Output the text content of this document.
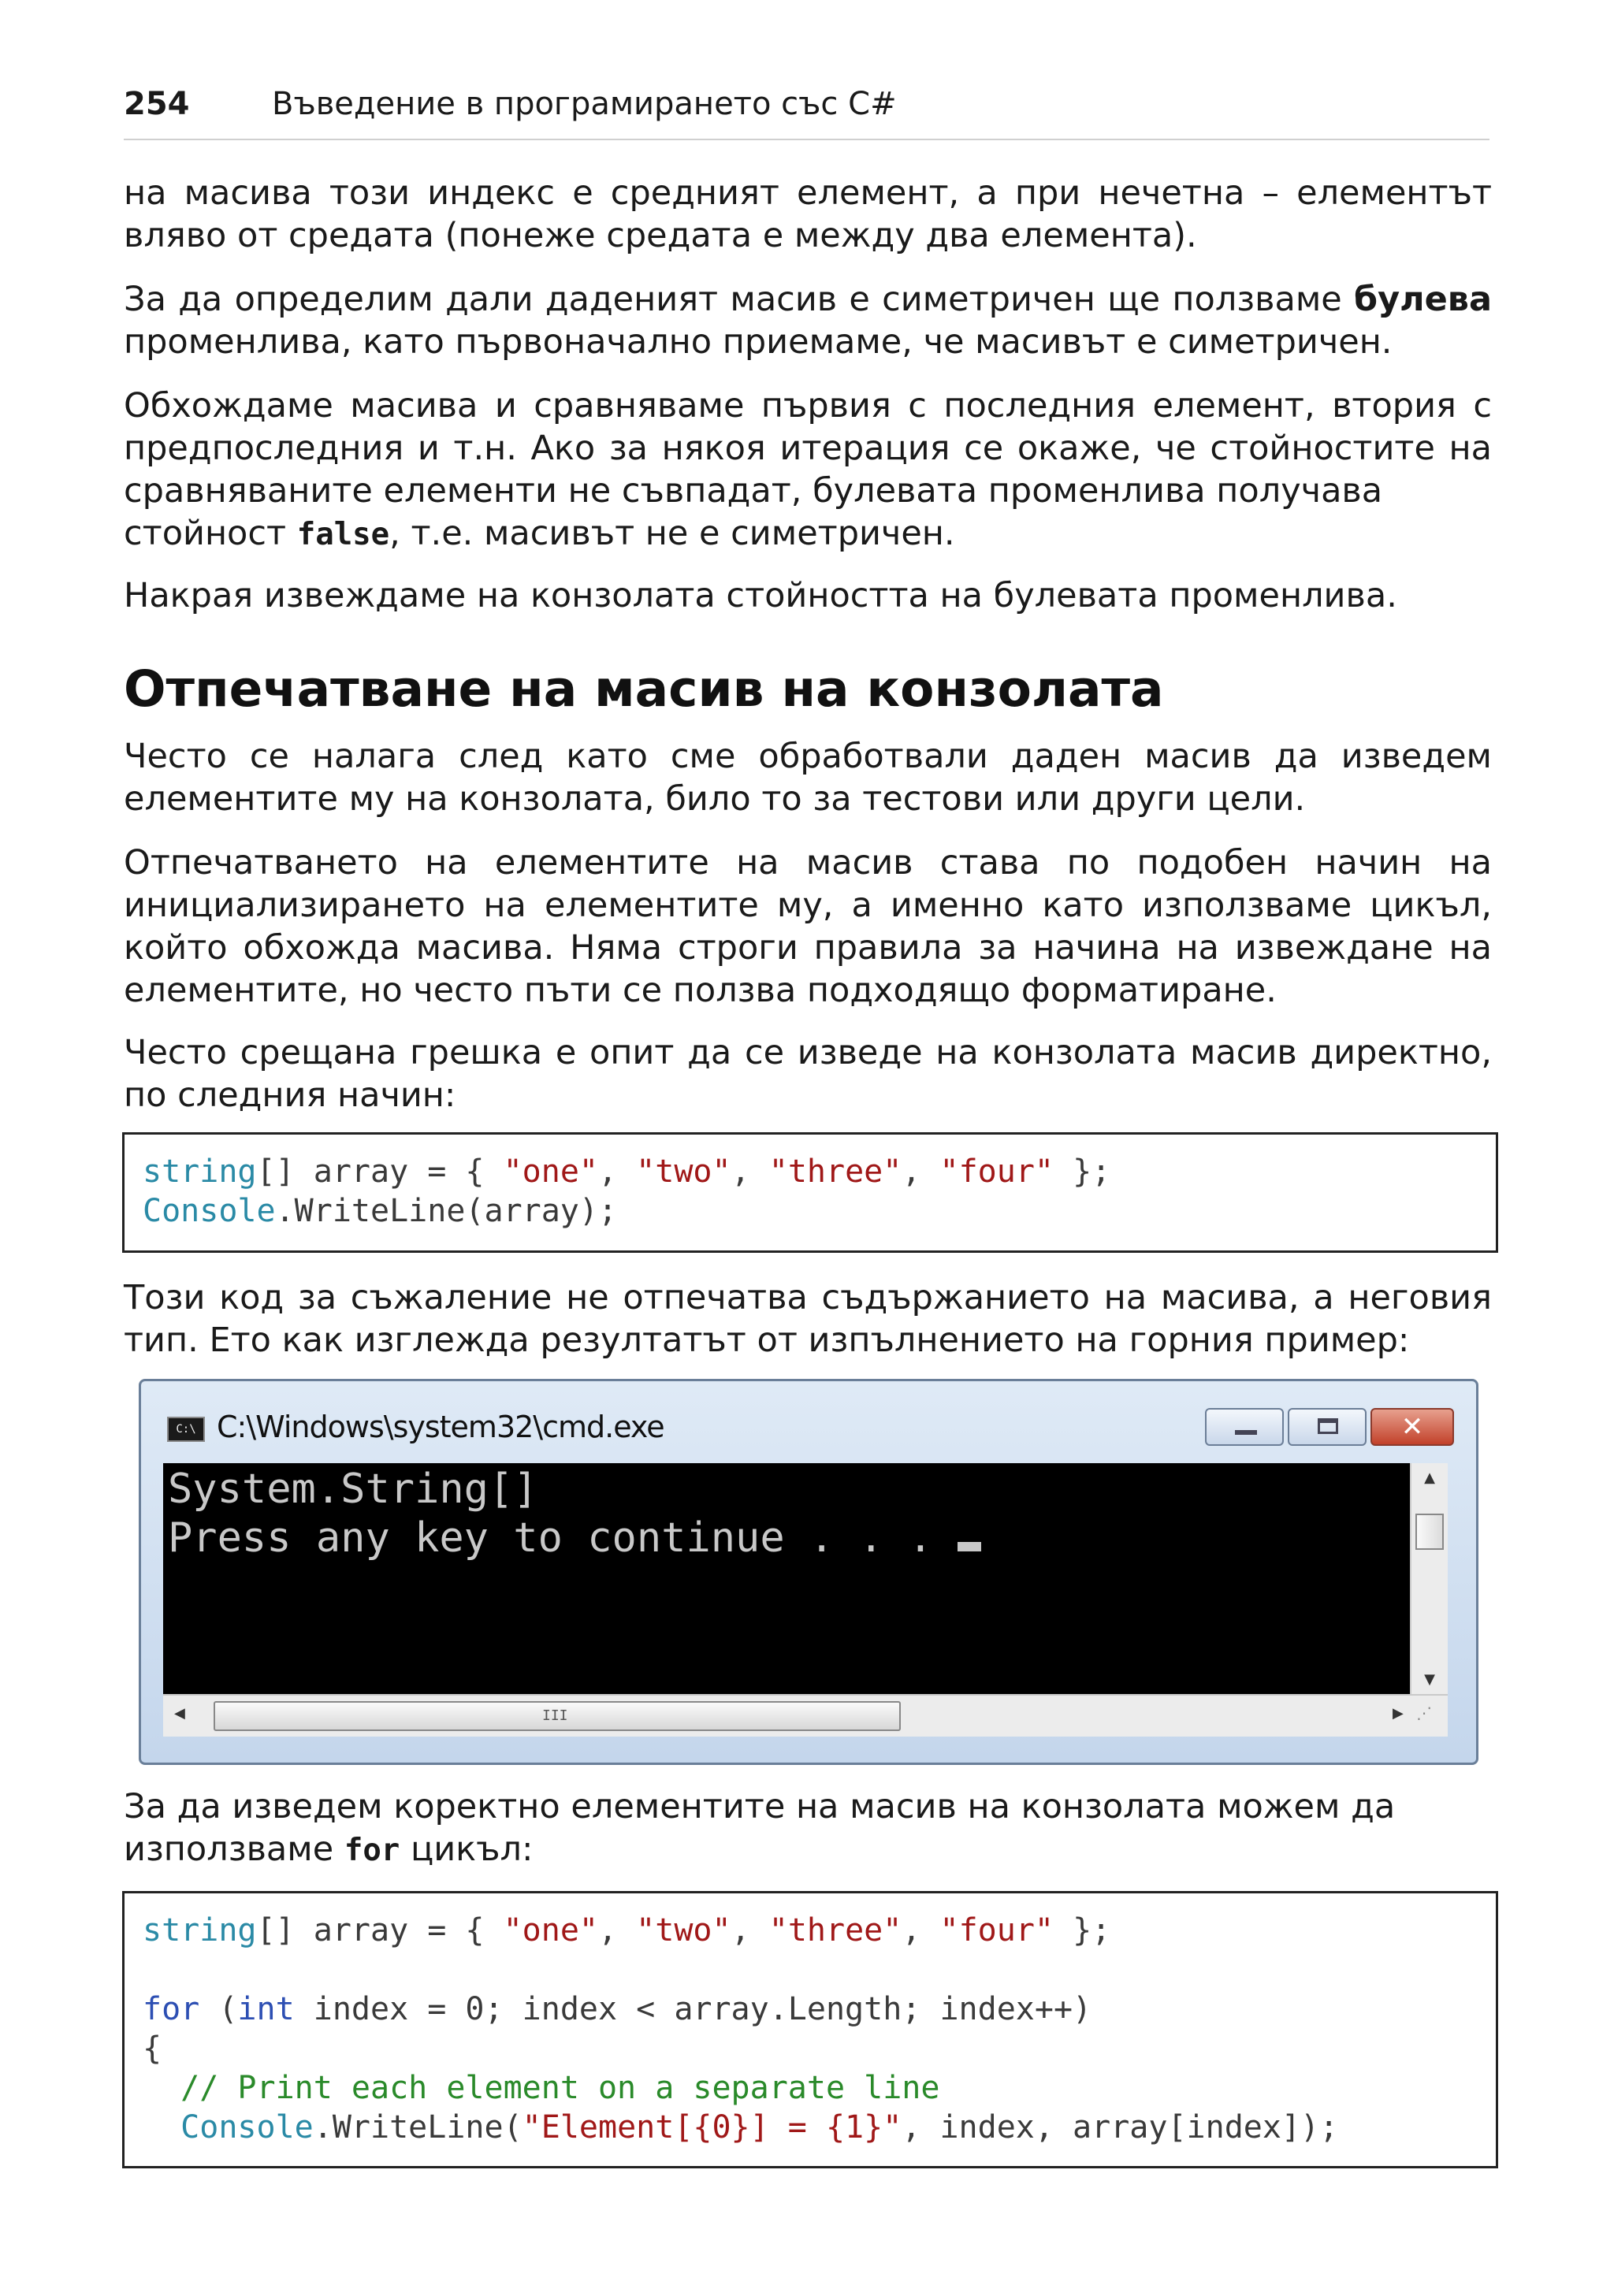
254	Въведение в програмирането със C#

на масива този индекс е средният елемент, а при нечетна – елементът вляво от средата (понеже средата е между два елемента).

За да определим дали даденият масив е симетричен ще ползваме булева променлива, като първоначално приемаме, че масивът е симетричен.

Обхождаме масива и сравняваме първия с последния елемент, втория с предпоследния и т.н. Ако за някоя итерация се окаже, че стойностите на сравняваните елементи не съвпадат, булевата променлива получава
стойност false, т.е. масивът не е симетричен.

Накрая извеждаме на конзолата стойността на булевата променлива.

Отпечатване на масив на конзолата

Често се налага след като сме обработвали даден масив да изведем елементите му на конзолата, било то за тестови или други цели.

Отпечатването на елементите на масив става по подобен начин на инициализирането на елементите му, а именно като използваме цикъл, който обхожда масива. Няма строги правила за начина на извеждане на елементите, но често пъти се ползва подходящо форматиране.

Често срещана грешка е опит да се изведе на конзолата масив директно, по следния начин:

string[] array = { "one", "two", "three", "four" };
Console.WriteLine(array);

Този код за съжаление не отпечатва съдържанието на масива, а неговия тип. Ето как изглежда резултатът от изпълнението на горния пример:

C:\ C:\Windows\system32\cmd.exe	✕
System.String[]
Press any key to continue . . .
▲
▼
◀	III	▶ ⋰

За да изведем коректно елементите на масив на конзолата можем да
използваме for цикъл:

string[] array = { "one", "two", "three", "four" };

for (int index = 0; index < array.Length; index++)
{
// Print each element on a separate line
Console.WriteLine("Element[{0}] = {1}", index, array[index]);
